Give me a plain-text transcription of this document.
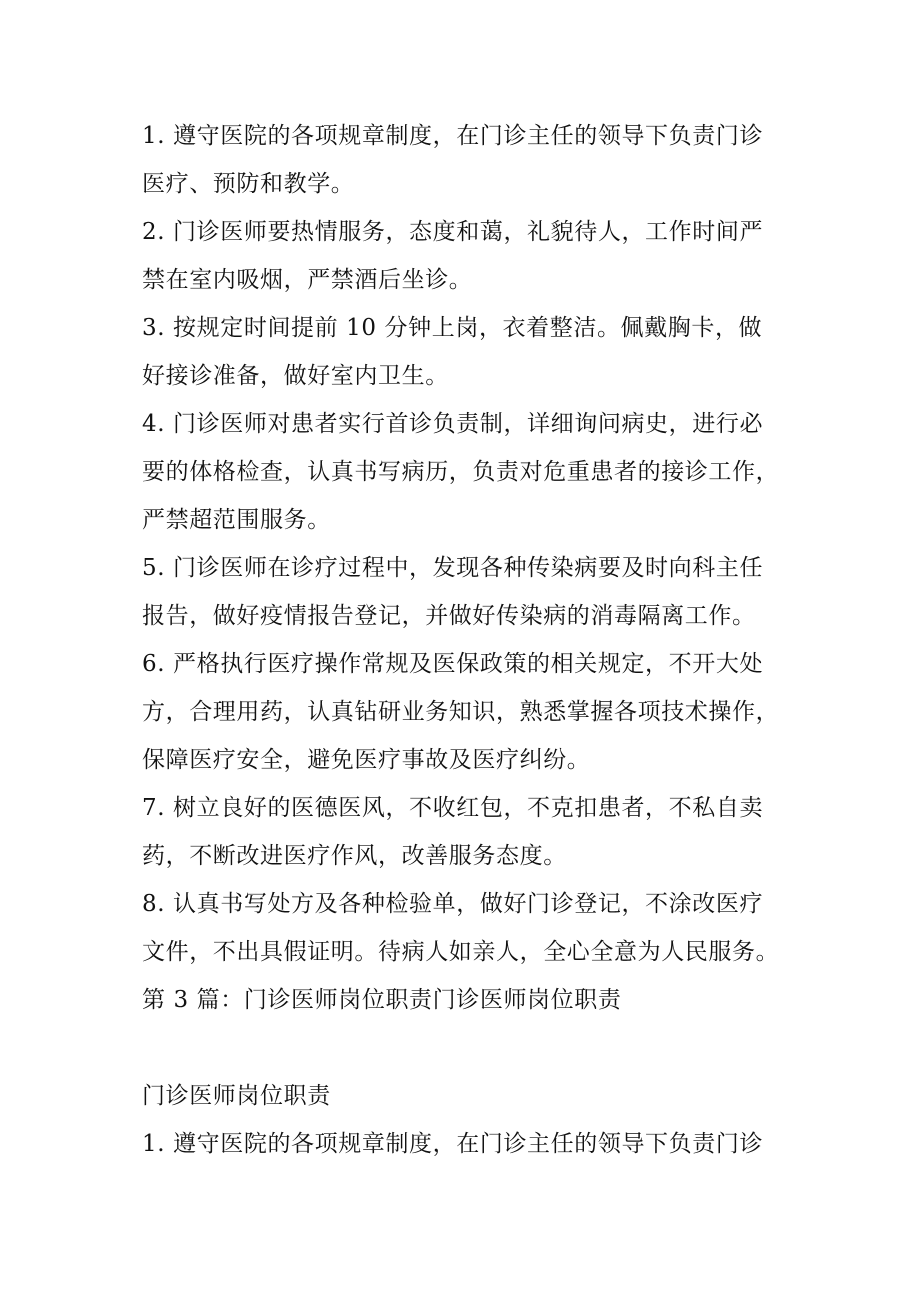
1. 遵守医院的各项规章制度，在门诊主任的领导下负责门诊
医疗、预防和教学。
2. 门诊医师要热情服务，态度和蔼，礼貌待人，工作时间严
禁在室内吸烟，严禁酒后坐诊。
3. 按规定时间提前 10 分钟上岗，衣着整洁。佩戴胸卡，做
好接诊准备，做好室内卫生。
4. 门诊医师对患者实行首诊负责制，详细询问病史，进行必
要的体格检查，认真书写病历，负责对危重患者的接诊工作，
严禁超范围服务。
5. 门诊医师在诊疗过程中，发现各种传染病要及时向科主任
报告，做好疫情报告登记，并做好传染病的消毒隔离工作。
6. 严格执行医疗操作常规及医保政策的相关规定，不开大处
方，合理用药，认真钻研业务知识，熟悉掌握各项技术操作，
保障医疗安全，避免医疗事故及医疗纠纷。
7. 树立良好的医德医风，不收红包，不克扣患者，不私自卖
药，不断改进医疗作风，改善服务态度。
8. 认真书写处方及各种检验单，做好门诊登记，不涂改医疗
文件，不出具假证明。待病人如亲人，全心全意为人民服务。
第 3 篇：门诊医师岗位职责门诊医师岗位职责
门诊医师岗位职责
1. 遵守医院的各项规章制度，在门诊主任的领导下负责门诊
